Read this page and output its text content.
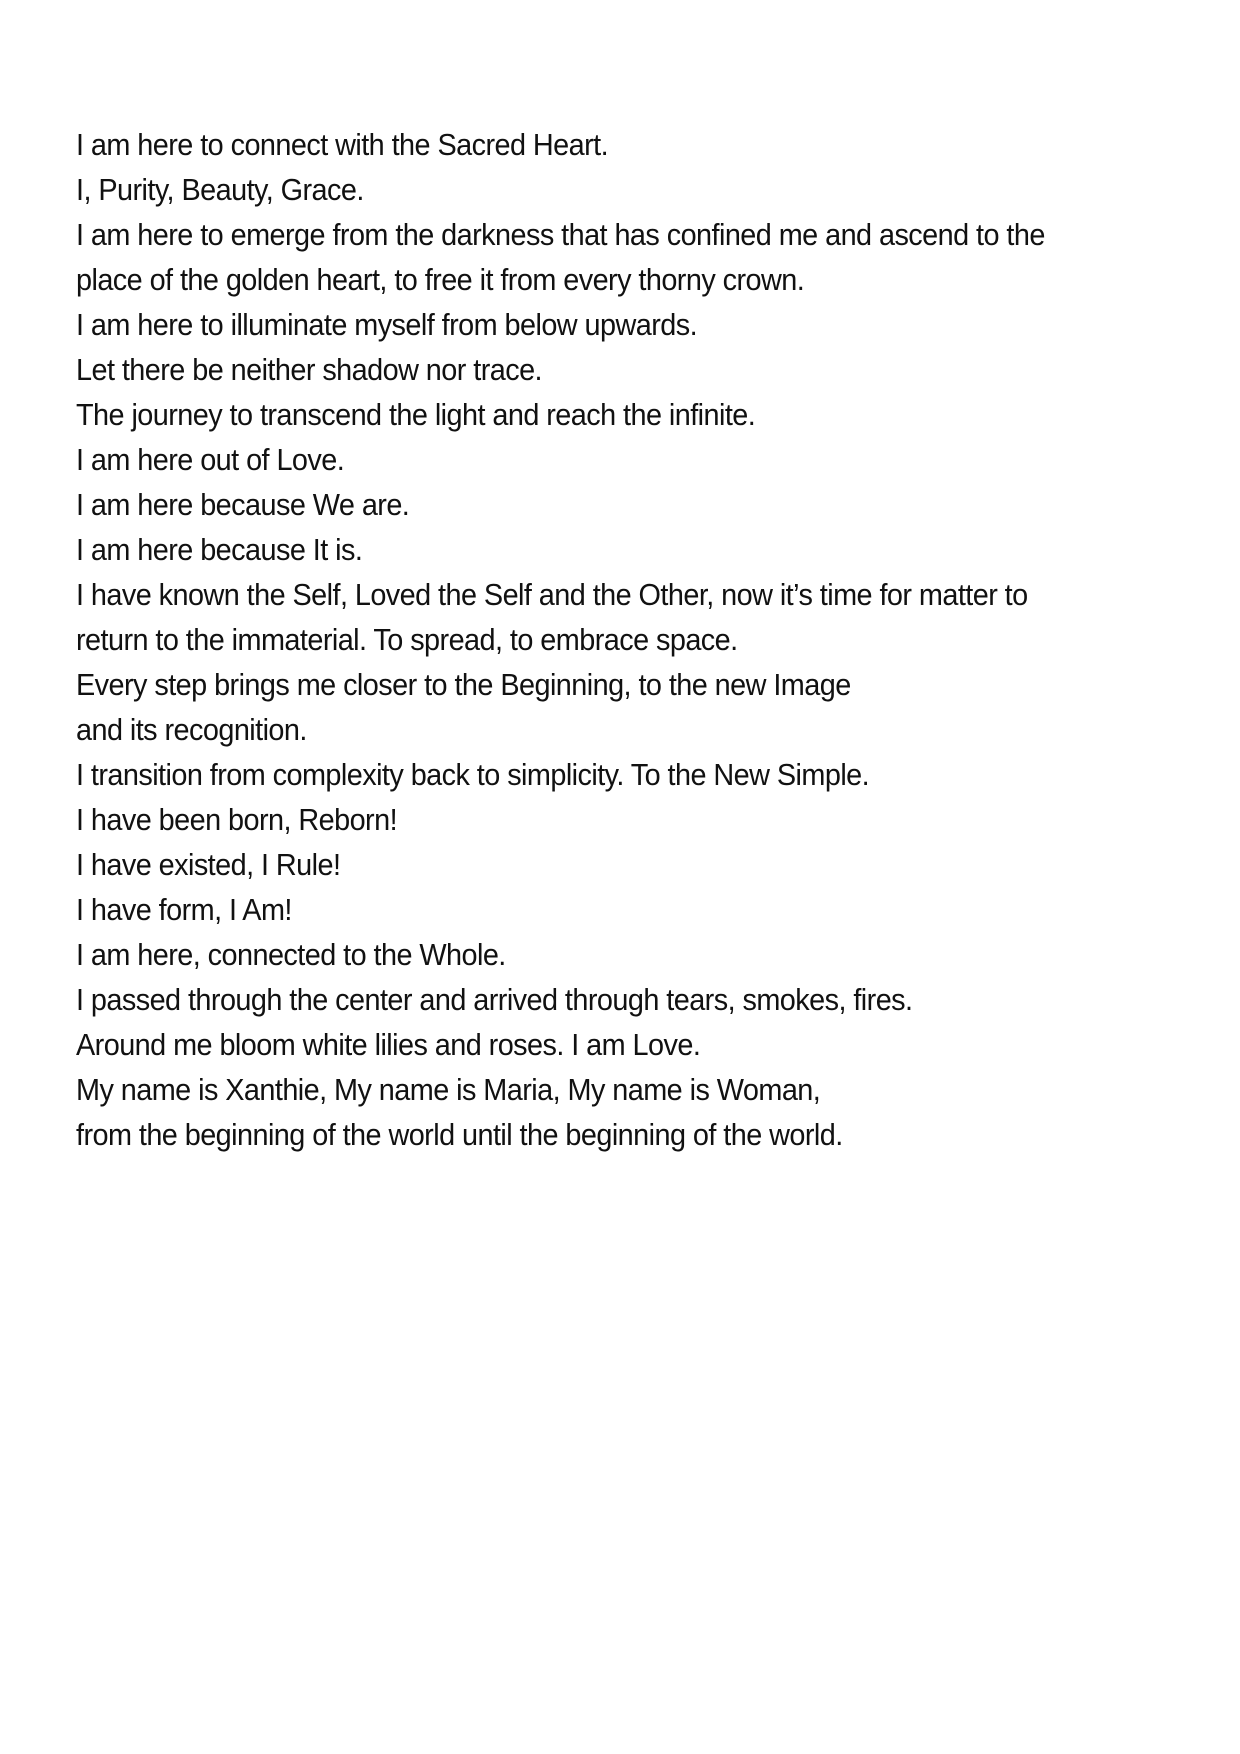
I am here to connect with the Sacred Heart.
I, Purity, Beauty, Grace.
I am here to emerge from the darkness that has confined me and ascend to the
place of the golden heart, to free it from every thorny crown.
I am here to illuminate myself from below upwards.
Let there be neither shadow nor trace.
The journey to transcend the light and reach the infinite.
I am here out of Love.
I am here because We are.
I am here because It is.
I have known the Self, Loved the Self and the Other, now it’s time for matter to
return to the immaterial. To spread, to embrace space.
Every step brings me closer to the Beginning, to the new Image
and its recognition.
I transition from complexity back to simplicity. To the New Simple.
I have been born, Reborn!
I have existed, I Rule!
I have form, I Am!
I am here, connected to the Whole.
I passed through the center and arrived through tears, smokes, fires.
Around me bloom white lilies and roses. I am Love.
My name is Xanthie, My name is Maria, My name is Woman,
from the beginning of the world until the beginning of the world.
